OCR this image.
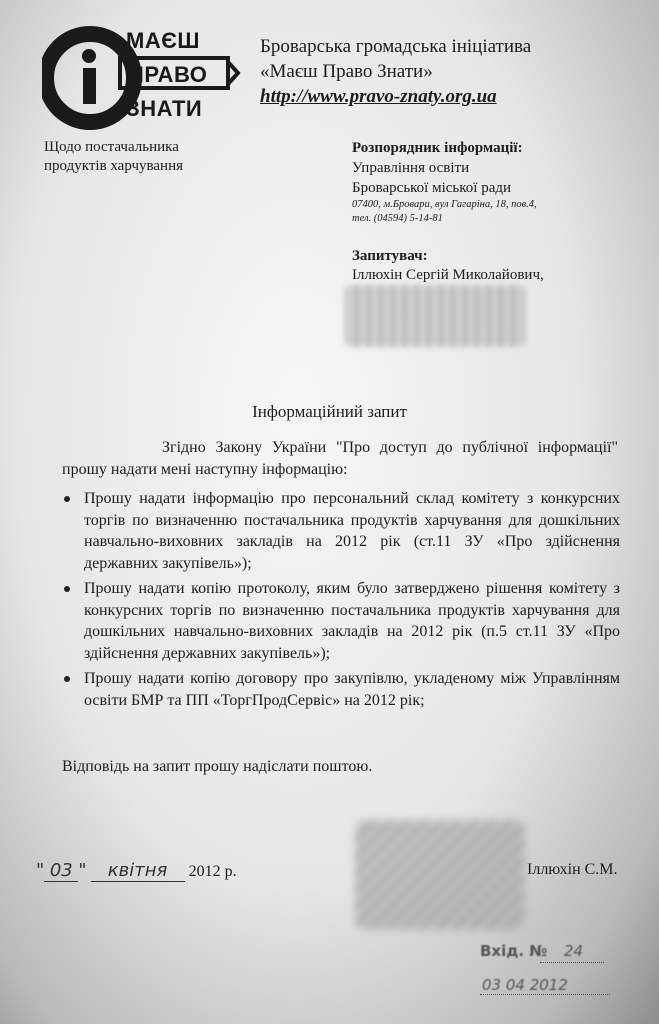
МАЄШ
ПРАВО
ЗНАТИ
Броварська громадська ініціатива
«Маєш Право Знати»
http://www.pravo-znaty.org.ua
Щодо постачальника
продуктів харчування
Розпорядник інформації:
Управління освіти
Броварської міської ради
07400, м.Бровари, вул Гагаріна, 18, пов.4,
тел. (04594) 5-14-81
Запитувач:
Іллюхін Сергій Миколайович,
Інформаційний запит
Згідно Закону України "Про доступ до публічної інформації" прошу надати мені наступну інформацію:
Прошу надати інформацію про персональний склад комітету з конкурсних торгів по визначенню постачальника продуктів харчування для дошкільних навчально-виховних закладів на 2012 рік (ст.11 ЗУ «Про здійснення державних закупівель»);
Прошу надати копію протоколу, яким було затверджено рішення комітету з конкурсних торгів по визначенню постачальника продуктів харчування для дошкільних навчально-виховних закладів на 2012 рік (п.5 ст.11 ЗУ «Про здійснення державних закупівель»);
Прошу надати копію договору про закупівлю, укладеному між Управлінням освіти БМР та ПП «ТоргПродСервіс» на 2012 рік;
Відповідь на запит прошу надіслати поштою.
" 03 " квітня 2012 р.	Іллюхін С.М.
Вхід. № 24
03 04 2012
